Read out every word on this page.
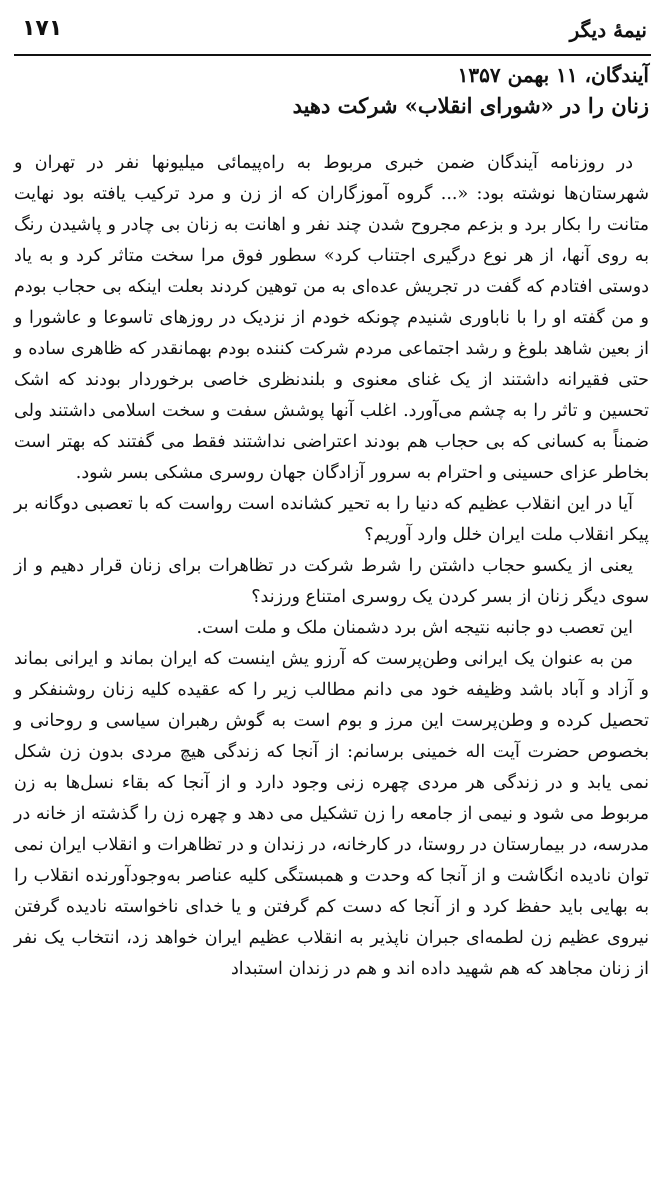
۱۷۱	نیمهٔ دیگر
آیندگان، ۱۱ بهمن ۱۳۵۷
زنان را در «شورای انقلاب» شرکت دهید

در روزنامه آیندگان ضمن خبری مربوط به راه‌پیمائی میلیونها نفر در تهران و شهرستان‌ها نوشته بود: «... گروه آموزگاران که از زن و مرد ترکیب یافته بود نهایت متانت را بکار برد و بزعم مجروح شدن چند نفر و اهانت به زنان بی چادر و پاشیدن رنگ به روی آنها، از هر نوع درگیری اجتناب کرد» سطور فوق مرا سخت متاثر کرد و به یاد دوستی افتادم که گفت در تجریش عده‌ای به من توهین کردند بعلت اینکه بی حجاب بودم و من گفته او را با ناباوری شنیدم چونکه خودم از نزدیک در روزهای تاسوعا و عاشورا و از بعین شاهد بلوغ و رشد اجتماعی مردم شرکت کننده بودم بهمانقدر که ظاهری ساده و حتی فقیرانه داشتند از یک غنای معنوی و بلندنظری خاصی برخوردار بودند که اشک تحسین و تاثر را به چشم می‌آورد. اغلب آنها پوشش سفت و سخت اسلامی داشتند ولی ضمناً به کسانی که بی حجاب هم بودند اعتراضی نداشتند فقط می گفتند که بهتر است بخاطر عزای حسینی و احترام به سرور آزادگان جهان روسری مشکی بسر شود.

آیا در این انقلاب عظیم که دنیا را به تحیر کشانده است رواست که با تعصبی دوگانه بر پیکر انقلاب ملت ایران خلل وارد آوریم؟

یعنی از یکسو حجاب داشتن را شرط شرکت در تظاهرات برای زنان قرار دهیم و از سوی دیگر زنان از بسر کردن یک روسری امتناع ورزند؟

این تعصب دو جانبه نتیجه اش برد دشمنان ملک و ملت است.

من به عنوان یک ایرانی وطن‌پرست که آرزو یش اینست که ایران بماند و ایرانی بماند و آزاد و آباد باشد وظیفه خود می دانم مطالب زیر را که عقیده کلیه زنان روشنفکر و تحصیل کرده و وطن‌پرست این مرز و بوم است به گوش رهبران سیاسی و روحانی و بخصوص حضرت آیت اله خمینی برسانم: از آنجا که زندگی هیچ مردی بدون زن شکل نمی یابد و در زندگی هر مردی چهره زنی وجود دارد و از آنجا که بقاء نسل‌ها به زن مربوط می شود و نیمی از جامعه را زن تشکیل می دهد و چهره زن را گذشته از خانه در مدرسه، در بیمارستان در روستا، در کارخانه، در زندان و در تظاهرات و انقلاب ایران نمی توان نادیده انگاشت و از آنجا که وحدت و همبستگی کلیه عناصر به‌وجودآورنده انقلاب را به بهایی باید حفظ کرد و از آنجا که دست کم گرفتن و یا خدای ناخواسته نادیده گرفتن نیروی عظیم زن لطمه‌ای جبران ناپذیر به انقلاب عظیم ایران خواهد زد، انتخاب یک نفر از زنان مجاهد که هم شهید داده اند و هم در زندان استبداد
